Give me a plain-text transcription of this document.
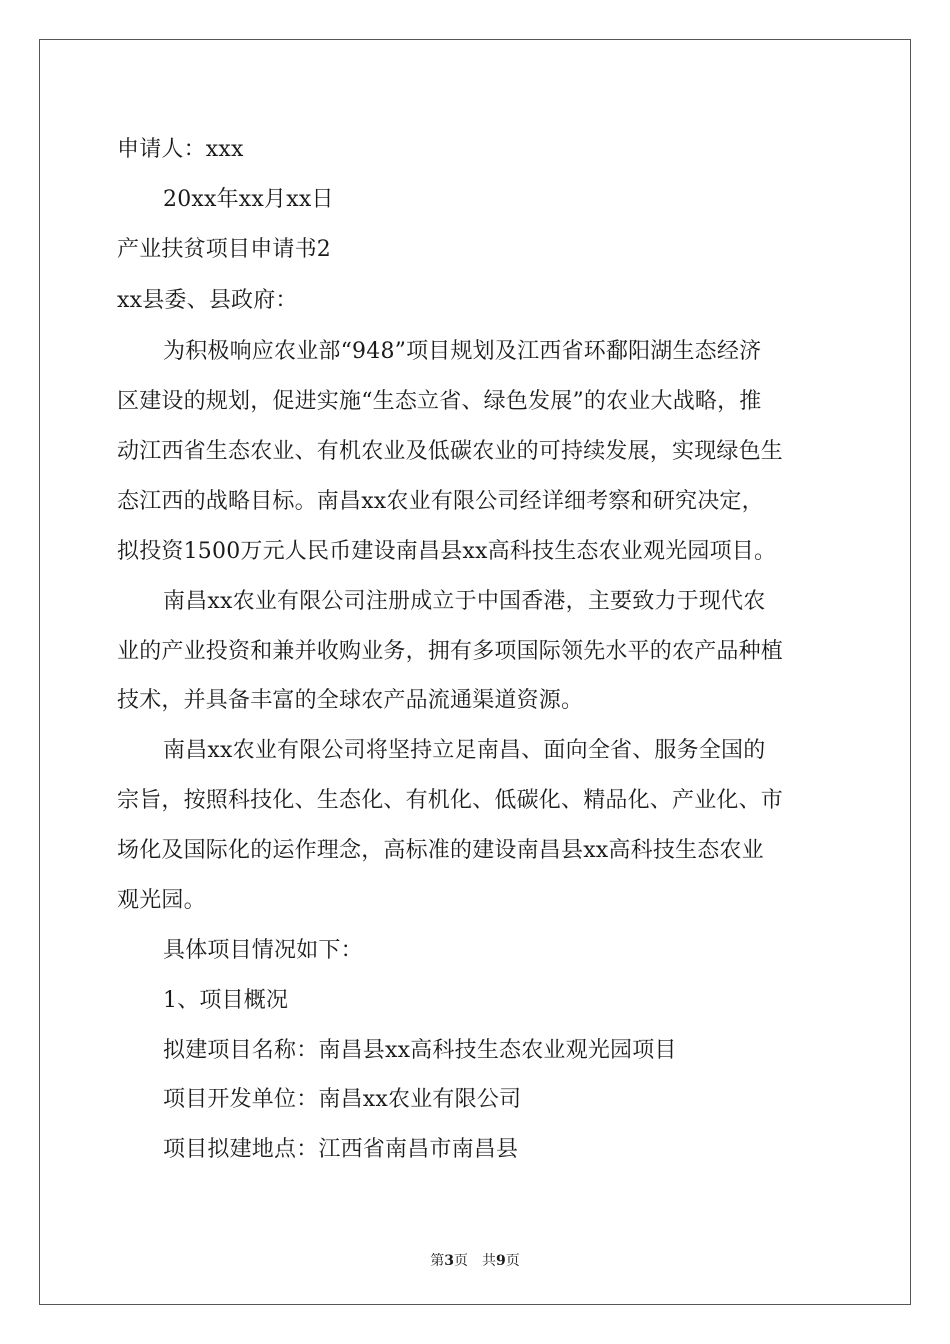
申请人：xxx
20xx年xx月xx日
产业扶贫项目申请书2
xx县委、县政府：
为积极响应农业部“948”项目规划及江西省环鄱阳湖生态经济
区建设的规划，促进实施“生态立省、绿色发展”的农业大战略，推
动江西省生态农业、有机农业及低碳农业的可持续发展，实现绿色生
态江西的战略目标。南昌xx农业有限公司经详细考察和研究决定，
拟投资1500万元人民币建设南昌县xx高科技生态农业观光园项目。
南昌xx农业有限公司注册成立于中国香港，主要致力于现代农
业的产业投资和兼并收购业务，拥有多项国际领先水平的农产品种植
技术，并具备丰富的全球农产品流通渠道资源。
南昌xx农业有限公司将坚持立足南昌、面向全省、服务全国的
宗旨，按照科技化、生态化、有机化、低碳化、精品化、产业化、市
场化及国际化的运作理念，高标准的建设南昌县xx高科技生态农业
观光园。
具体项目情况如下：
1、项目概况
拟建项目名称：南昌县xx高科技生态农业观光园项目
项目开发单位：南昌xx农业有限公司
项目拟建地点：江西省南昌市南昌县
第3页 共9页
